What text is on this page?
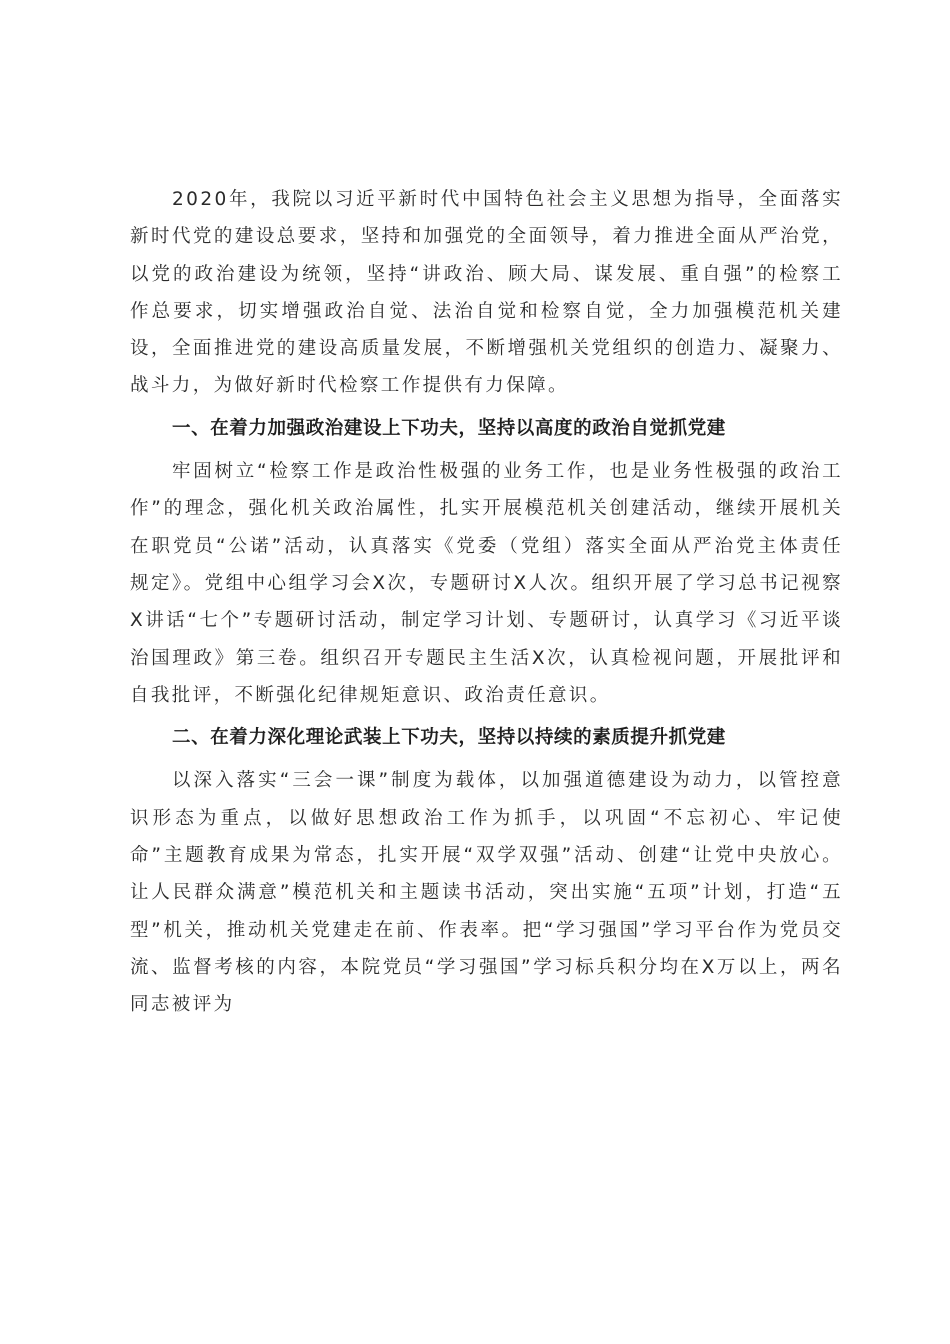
2020年，我院以习近平新时代中国特色社会主义思想为指导，全面落实新时代党的建设总要求，坚持和加强党的全面领导，着力推进全面从严治党，以党的政治建设为统领，坚持“讲政治、顾大局、谋发展、重自强”的检察工作总要求，切实增强政治自觉、法治自觉和检察自觉，全力加强模范机关建设，全面推进党的建设高质量发展，不断增强机关党组织的创造力、凝聚力、战斗力，为做好新时代检察工作提供有力保障。

一、在着力加强政治建设上下功夫，坚持以高度的政治自觉抓党建

牢固树立“检察工作是政治性极强的业务工作，也是业务性极强的政治工作”的理念，强化机关政治属性，扎实开展模范机关创建活动，继续开展机关在职党员“公诺”活动，认真落实《党委（党组）落实全面从严治党主体责任规定》。党组中心组学习会X次，专题研讨X人次。组织开展了学习总书记视察X讲话“七个”专题研讨活动，制定学习计划、专题研讨，认真学习《习近平谈治国理政》第三卷。组织召开专题民主生活X次，认真检视问题，开展批评和自我批评，不断强化纪律规矩意识、政治责任意识。

二、在着力深化理论武装上下功夫，坚持以持续的素质提升抓党建

以深入落实“三会一课”制度为载体，以加强道德建设为动力，以管控意识形态为重点，以做好思想政治工作为抓手，以巩固“不忘初心、牢记使命”主题教育成果为常态，扎实开展“双学双强”活动、创建“让党中央放心。让人民群众满意”模范机关和主题读书活动，突出实施“五项”计划，打造“五型”机关，推动机关党建走在前、作表率。把“学习强国”学习平台作为党员交流、监督考核的内容，本院党员“学习强国”学习标兵积分均在X万以上，两名同志被评为
